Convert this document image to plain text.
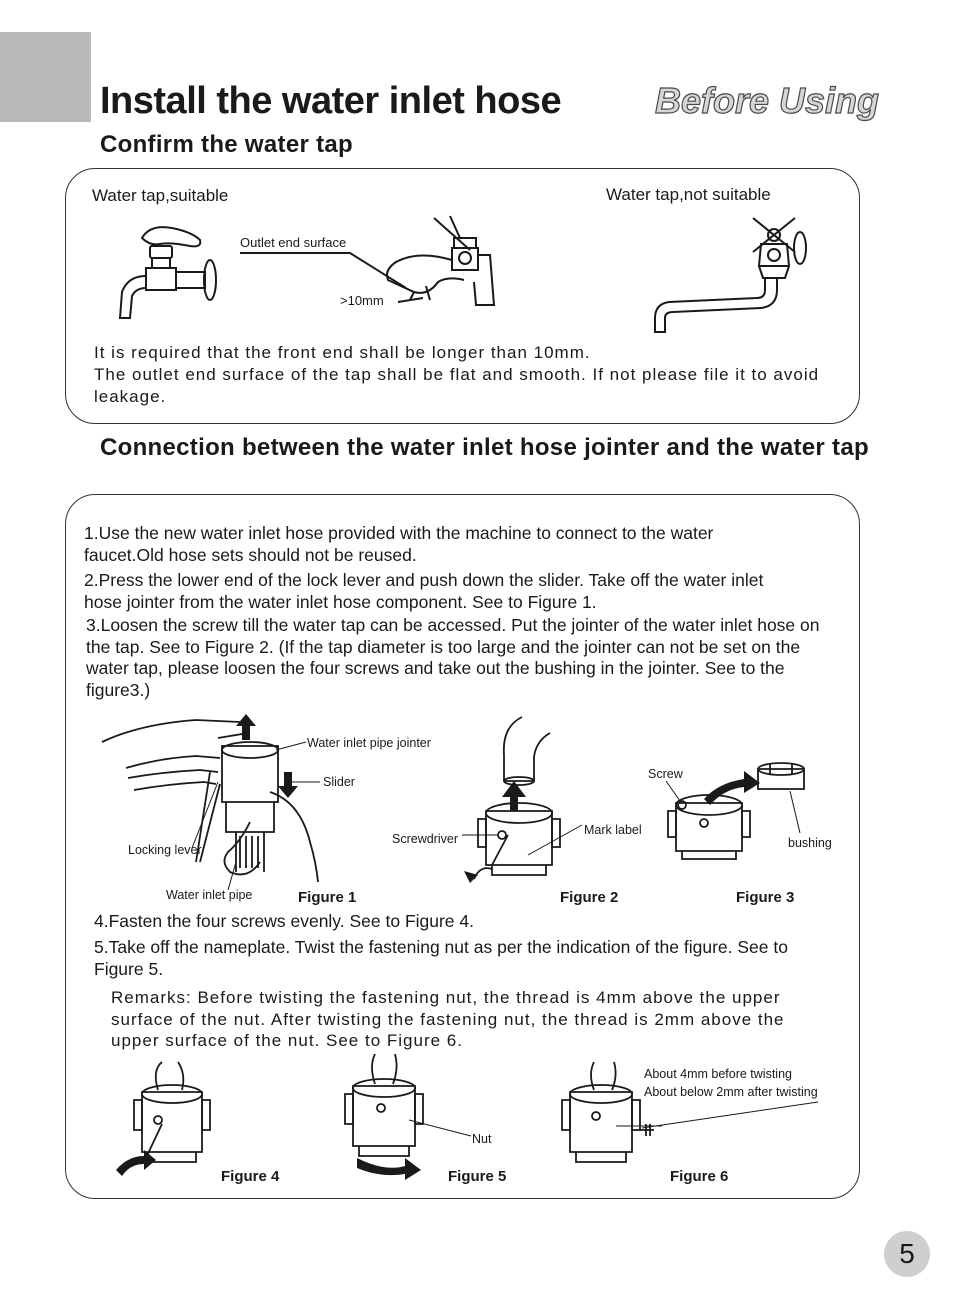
Install the water inlet hose	Before Using
Confirm the water tap
Water tap,suitable	Water tap,not suitable
Outlet end surface
>10mm
It is required that the front end shall be longer than 10mm.
The outlet end surface of the tap shall be flat and smooth. If not please file it to avoid leakage.
Connection between the water inlet hose jointer and the water tap
1.Use the new water inlet hose provided with the machine to connect to the water faucet.Old hose sets should not be reused.
2.Press the lower end of the lock lever and push down the slider. Take off the water inlet hose jointer from the water inlet hose component. See to Figure 1.
3.Loosen the screw till the water tap can be accessed. Put the jointer of the water inlet hose on the tap. See to Figure 2. (If the tap diameter is too large and the jointer can not be set on the water tap, please loosen the four screws and take out the bushing in the jointer. See to the figure3.)
Water inlet pipe jointer
Slider
Locking lever
Water inlet pipe	Figure 1
Screwdriver
Mark label
Figure 2
Screw
bushing
Figure 3
4.Fasten the four screws evenly. See to Figure 4.
5.Take off the nameplate. Twist the fastening nut as per the indication of the figure. See to Figure 5.
Remarks: Before twisting the fastening nut, the thread is 4mm above the upper surface of the nut. After twisting the fastening nut, the thread is 2mm above the upper surface of the nut. See to Figure 6.
Figure 4
Nut
Figure 5
About 4mm before twisting
About below 2mm after twisting
Figure 6
5
